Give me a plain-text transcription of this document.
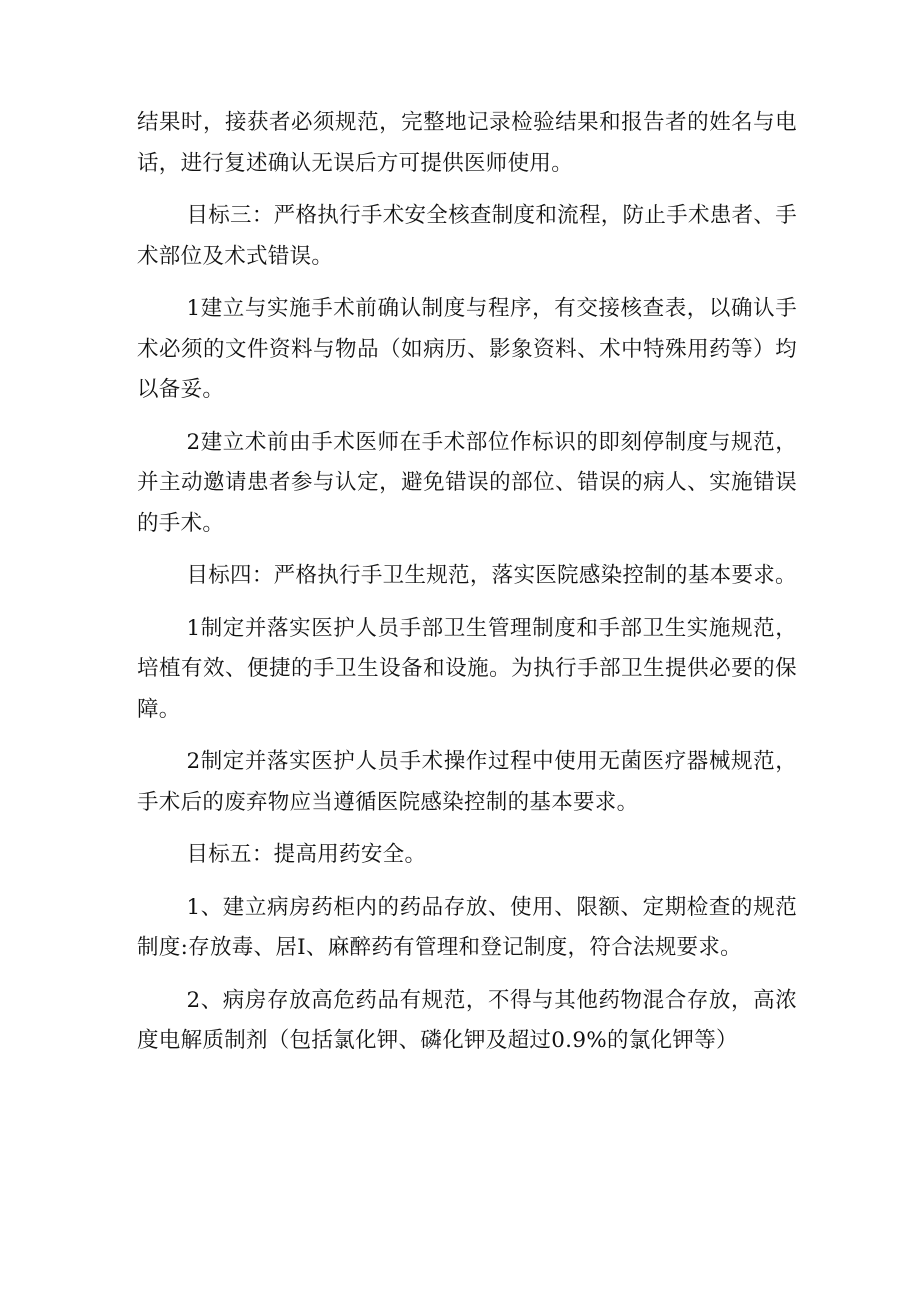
结果时，接获者必须规范，完整地记录检验结果和报告者的姓名与电话，进行复述确认无误后方可提供医师使用。

目标三：严格执行手术安全核查制度和流程，防止手术患者、手术部位及术式错误。

1建立与实施手术前确认制度与程序，有交接核查表，以确认手术必须的文件资料与物品（如病历、影象资料、术中特殊用药等）均以备妥。

2建立术前由手术医师在手术部位作标识的即刻停制度与规范，并主动邀请患者参与认定，避免错误的部位、错误的病人、实施错误的手术。

目标四：严格执行手卫生规范，落实医院感染控制的基本要求。

1制定并落实医护人员手部卫生管理制度和手部卫生实施规范，培植有效、便捷的手卫生设备和设施。为执行手部卫生提供必要的保障。

2制定并落实医护人员手术操作过程中使用无菌医疗器械规范，手术后的废弃物应当遵循医院感染控制的基本要求。

目标五：提高用药安全。

1、建立病房药柜内的药品存放、使用、限额、定期检查的规范制度:存放毒、居I、麻醉药有管理和登记制度，符合法规要求。

2、病房存放高危药品有规范，不得与其他药物混合存放，高浓度电解质制剂（包括氯化钾、磷化钾及超过0.9%的氯化钾等）
